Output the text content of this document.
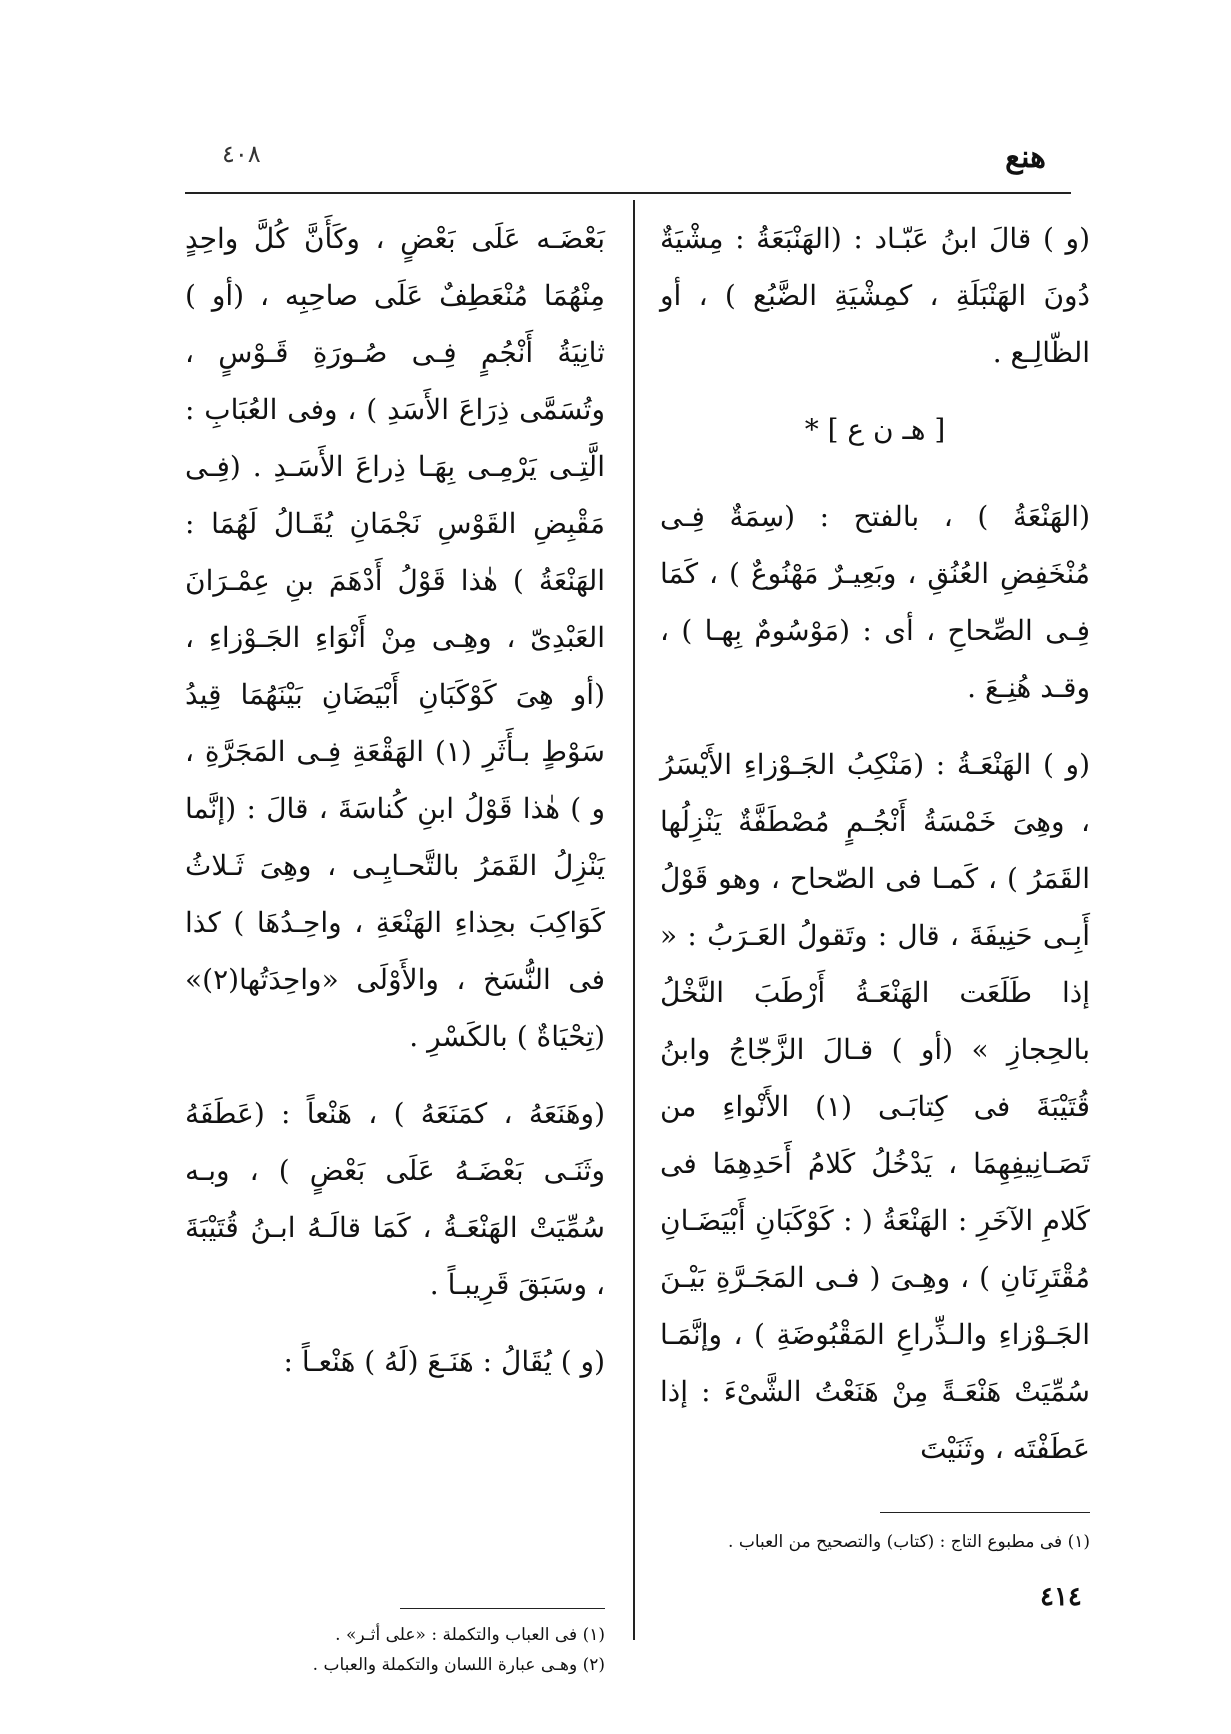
هنع
٤٠٨

(و ) قالَ ابنُ عَبّـاد : (الهَنْبَعَةُ : مِشْيَةٌ دُونَ الهَنْبَلَةِ ، كمِشْيَةِ الضَّبُع ) ، أو الظّالِـع .

[ هـ ن ع ] *

(الهَنْعَةُ ) ، بالفتح : (سِمَةٌ فِـى مُنْخَفِضِ العُنُقِ ، وبَعِيـرٌ مَهْنُوعٌ ) ، كَمَا فِـى الصِّحاحِ ، أى : (مَوْسُومٌ بِهـا ) ، وقـد هُنِـعَ .

(و ) الهَنْعَـةُ : (مَنْكِبُ الجَـوْزاءِ الأَيْسَرُ ، وهِىَ خَمْسَةُ أَنْجُـمٍ مُصْطَفَّةٌ يَنْزِلُها القَمَرُ ) ، كَمـا فى الصّحاح ، وهو قَوْلُ أَبِـى حَنِيفَةَ ، قال : وتَقولُ العَـرَبُ : « إذا طَلَعَت الهَنْعَـةُ أَرْطَبَ النَّخْلُ بالحِجازِ » (أو ) قـالَ الزَّجّاجُ وابنُ قُتَيْبَةَ فى كِتابَـى (١) الأَنْواءِ من تَصَـانِيفِهِمَا ، يَدْخُلُ كَلامُ أَحَدِهِمَا فى كَلامِ الآخَرِ : الهَنْعَةُ ( : كَوْكَبَانِ أَبْيَضَـانِ مُقْتَرِنَانِ ) ، وهِـىَ ( فـى المَجَـرَّةِ بَيْـنَ الجَـوْزاءِ والـذِّراعِ المَقْبُوضَةِ ) ، وإنَّمَـا سُمِّيَتْ هَنْعَـةً مِنْ هَنَعْتُ الشَّىْءَ : إذا عَطَفْتَه ، وثَنَيْتَ

بَعْضَـه عَلَى بَعْضٍ ، وكَأَنَّ كُلَّ واحِدٍ مِنْهُمَا مُنْعَطِفٌ عَلَى صاحِبِه ، (أو ) ثانِيَةُ أَنْجُمٍ فِـى صُـورَةِ قَـوْسٍ ، وتُسَمَّى ذِرَاعَ الأَسَدِ ) ، وفى العُبَابِ : الَّتِـى يَرْمِـى بِهَـا ذِراعَ الأَسَـدِ . (فِـى مَقْبِضِ القَوْسِ نَجْمَانِ يُقَـالُ لَهُمَا : الهَنْعَةُ ) هٰذا قَوْلُ أَدْهَمَ بنِ عِمْـرَانَ العَبْدِىّ ، وهِـى مِنْ أَنْوَاءِ الجَـوْزاءِ ، (أو هِىَ كَوْكَبَانِ أَبْيَضَانِ بَيْنَهُمَا قِيدُ سَوْطٍ بـأَثَرِ (١) الهَقْعَةِ فِـى المَجَرَّةِ ، و ) هٰذا قَوْلُ ابنِ كُناسَةَ ، قالَ : (إنَّما يَنْزِلُ القَمَرُ بالتَّحـايِـى ، وهِىَ ثَـلاثُ كَوَاكِبَ بحِذاءِ الهَنْعَةِ ، واحِـدُهَا ) كذا فى النُّسَخ ، والأَوْلَى «واحِدَتُها(٢)» (تِحْيَاةٌ ) بالكَسْرِ .

(وهَنَعَهُ ، كمَنَعَهُ ) ، هَنْعاً : (عَطَفَهُ وثَنَـى بَعْضَـهُ عَلَى بَعْضٍ ) ، وبـه سُمِّيَتْ الهَنْعَـةُ ، كَمَا قالَـهُ ابـنُ قُتَيْبَةَ ، وسَبَقَ قَرِيبـاً .

(و ) يُقَالُ : هَنَـعَ (لَهُ ) هَنْعـاً :

(١) فى مطبوع التاج : (كتاب) والتصحيح من العباب .
(١) فى العباب والتكملة : «على أثـر» .
(٢) وهـى عبارة اللسان والتكملة والعباب .
٤١٤
